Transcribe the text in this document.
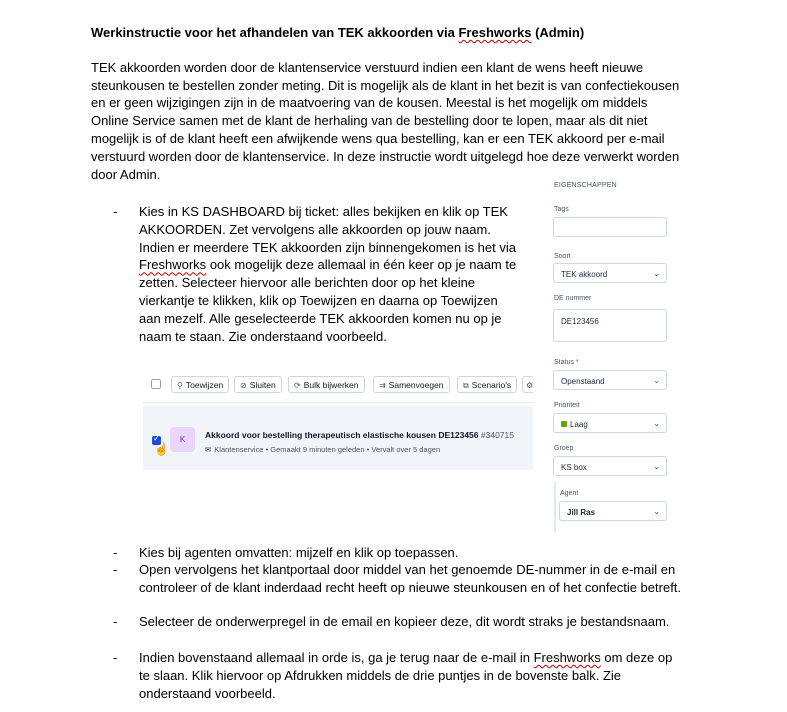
Werkinstructie voor het afhandelen van TEK akkoorden via Freshworks (Admin)

TEK akkoorden worden door de klantenservice verstuurd indien een klant de wens heeft nieuwe
steunkousen te bestellen zonder meting. Dit is mogelijk als de klant in het bezit is van confectiekousen
en er geen wijzigingen zijn in de maatvoering van de kousen. Meestal is het mogelijk om middels
Online Service samen met de klant de herhaling van de bestelling door te lopen, maar als dit niet
mogelijk is of de klant heeft een afwijkende wens qua bestelling, kan er een TEK akkoord per e-mail
verstuurd worden door de klantenservice. In deze instructie wordt uitgelegd hoe deze verwerkt worden
door Admin.
- Kies in KS DASHBOARD bij ticket: alles bekijken en klik op TEK
AKKOORDEN. Zet vervolgens alle akkoorden op jouw naam.
Indien er meerdere TEK akkoorden zijn binnengekomen is het via
Freshworks ook mogelijk deze allemaal in één keer op je naam te
zetten. Selecteer hiervoor alle berichten door op het kleine
vierkantje te klikken, klik op Toewijzen en daarna op Toewijzen
aan mezelf. Alle geselecteerde TEK akkoorden komen nu op je
naam te staan. Zie onderstaand voorbeeld.
EIGENSCHAPPEN
Tags
Soort
TEK akkoord	⌄
DE nummer
DE123456
Status *
Openstaand	⌄
Prioriteit
Laag	⌄
Groep
KS box	⌄
Agent
Jill Ras	⌄
⚲ Toewijzen	⊘ Sluiten	⟳ Bulk bijwerken	⇉ Samenvoegen	⧉ Scenario's	⚙
✓
☝
K	Akkoord voor bestelling therapeutisch elastische kousen DE123456 #340715
✉ Klantenservice • Gemaakt 9 minuten geleden • Vervalt over 5 dagen
- Kies bij agenten omvatten: mijzelf en klik op toepassen.
- Open vervolgens het klantportaal door middel van het genoemde DE-nummer in de e-mail en
controleer of de klant inderdaad recht heeft op nieuwe steunkousen en of het confectie betreft.
- Selecteer de onderwerpregel in de email en kopieer deze, dit wordt straks je bestandsnaam.
- Indien bovenstaand allemaal in orde is, ga je terug naar de e-mail in Freshworks om deze op
te slaan. Klik hiervoor op Afdrukken middels de drie puntjes in de bovenste balk. Zie
onderstaand voorbeeld.
